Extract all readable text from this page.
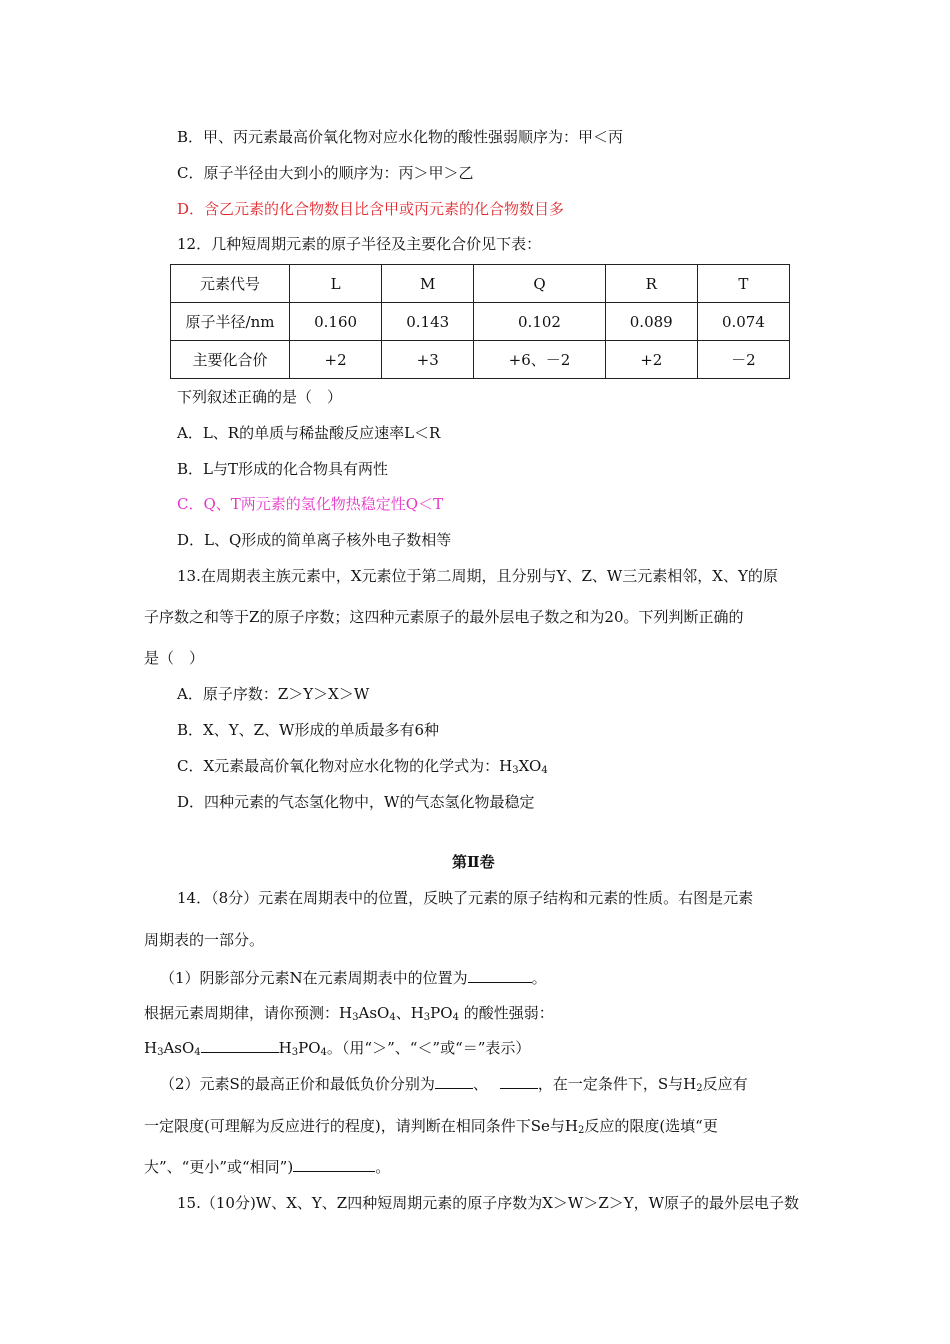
B．甲、丙元素最高价氧化物对应水化物的酸性强弱顺序为：甲＜丙
C．原子半径由大到小的顺序为：丙＞甲＞乙
D．含乙元素的化合物数目比含甲或丙元素的化合物数目多
12．几种短周期元素的原子半径及主要化合价见下表：
元素代号	L	M	Q	R	T
原子半径/nm	0.160	0.143	0.102	0.089	0.074
主要化合价	+2	+3	+6、－2	+2	－2
下列叙述正确的是（　）
A．L、R的单质与稀盐酸反应速率L＜R
B．L与T形成的化合物具有两性
C．Q、T两元素的氢化物热稳定性Q＜T
D．L、Q形成的简单离子核外电子数相等
13.在周期表主族元素中，X元素位于第二周期，且分别与Y、Z、W三元素相邻，X、Y的原
子序数之和等于Z的原子序数；这四种元素原子的最外层电子数之和为20。下列判断正确的
是（　）
A．原子序数：Z＞Y＞X＞W
B．X、Y、Z、W形成的单质最多有6种
C．X元素最高价氧化物对应水化物的化学式为：$H_3XO_4$
D．四种元素的气态氢化物中，W的气态氢化物最稳定
第Ⅱ卷
14．（8分）元素在周期表中的位置，反映了元素的原子结构和元素的性质。右图是元素
周期表的一部分。
（1）阴影部分元素N在元素周期表中的位置为	。
根据元素周期律，请你预测：$H_3AsO_4$、$H_3PO_4$ 的酸性强弱：
$H_3AsO_4$	$H_3PO_4$。（用“＞”、“＜”或“＝”表示）
（2）元素S的最高正价和最低负价分别为	、	，在一定条件下，S与$H_2$反应有
一定限度(可理解为反应进行的程度)，请判断在相同条件下Se与$H_2$反应的限度(选填“更
大”、“更小”或“相同”)	。
15.（10分)W、X、Y、Z四种短周期元素的原子序数为X＞W＞Z＞Y，W原子的最外层电子数
